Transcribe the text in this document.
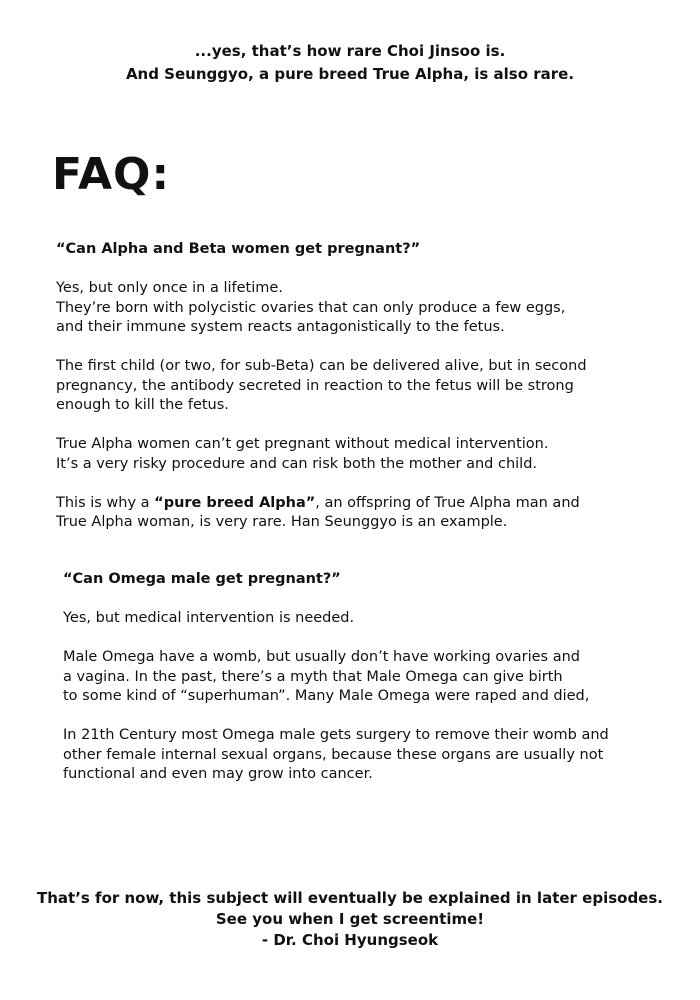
...yes, that’s how rare Choi Jinsoo is.
And Seunggyo, a pure breed True Alpha, is also rare.
FAQ:

“Can Alpha and Beta women get pregnant?”

Yes, but only once in a lifetime.

They’re born with polycistic ovaries that can only produce a few eggs,

and their immune system reacts antagonistically to the fetus.

The first child (or two, for sub-Beta) can be delivered alive, but in second

pregnancy, the antibody secreted in reaction to the fetus will be strong

enough to kill the fetus.

True Alpha women can’t get pregnant without medical intervention.

It’s a very risky procedure and can risk both the mother and child.

This is why a “pure breed Alpha”, an offspring of True Alpha man and

True Alpha woman, is very rare. Han Seunggyo is an example.

“Can Omega male get pregnant?”

Yes, but medical intervention is needed.

Male Omega have a womb, but usually don’t have working ovaries and

a vagina. In the past, there’s a myth that Male Omega can give birth

to some kind of “superhuman”. Many Male Omega were raped and died,

In 21th Century most Omega male gets surgery to remove their womb and

other female internal sexual organs, because these organs are usually not

functional and even may grow into cancer.

That’s for now, this subject will eventually be explained in later episodes.
See you when I get screentime!
- Dr. Choi Hyungseok
